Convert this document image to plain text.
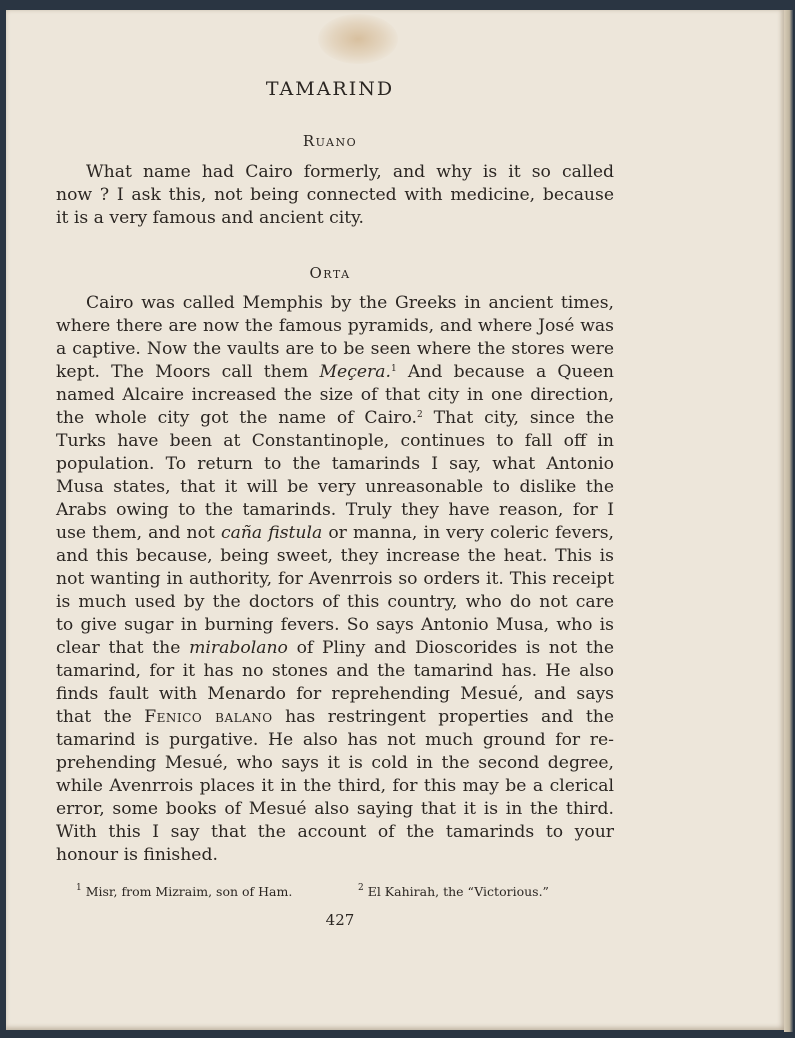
TAMARIND
Ruano
What name had Cairo formerly, and why is it so called
now ? I ask this, not being connected with medicine, because
it is a very famous and ancient city.
Orta
Cairo was called Memphis by the Greeks in ancient times,
where there are now the famous pyramids, and where José was
a captive. Now the vaults are to be seen where the stores were
kept. The Moors call them Meçera.$^1$ And because a Queen
named Alcaire increased the size of that city in one direction,
the whole city got the name of Cairo.$^2$ That city, since the
Turks have been at Constantinople, continues to fall off in
population. To return to the tamarinds I say, what Antonio
Musa states, that it will be very unreasonable to dislike the
Arabs owing to the tamarinds. Truly they have reason, for I
use them, and not caña fistula or manna, in very coleric fevers,
and this because, being sweet, they increase the heat. This is
not wanting in authority, for Avenrrois so orders it. This receipt
is much used by the doctors of this country, who do not care
to give sugar in burning fevers. So says Antonio Musa, who is
clear that the mirabolano of Pliny and Dioscorides is not the
tamarind, for it has no stones and the tamarind has. He also
finds fault with Menardo for reprehending Mesué, and says
that the Fenico balano has restringent properties and the
tamarind is purgative. He also has not much ground for re-
prehending Mesué, who says it is cold in the second degree,
while Avenrrois places it in the third, for this may be a clerical
error, some books of Mesué also saying that it is in the third.
With this I say that the account of the tamarinds to your
honour is finished.
$^1$ Misr, from Mizraim, son of Ham.	$^2$ El Kahirah, the “Victorious.”
427
